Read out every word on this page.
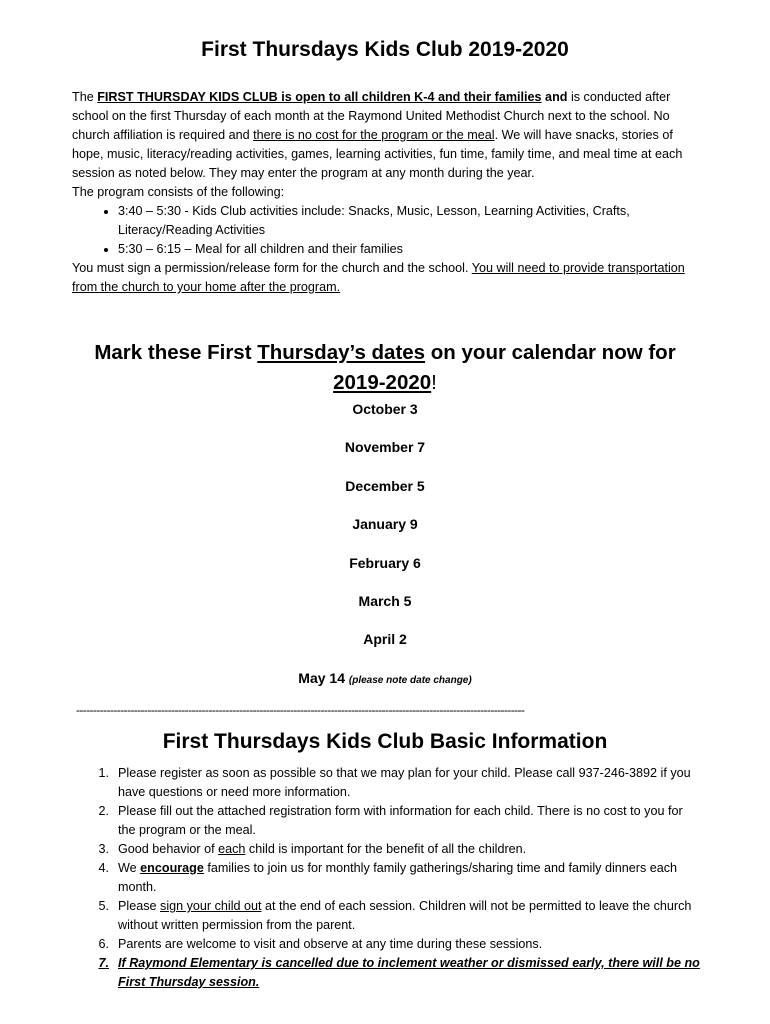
First Thursdays Kids Club 2019-2020

The FIRST THURSDAY KIDS CLUB is open to all children K-4 and their families and is conducted after school on the first Thursday of each month at the Raymond United Methodist Church next to the school. No church affiliation is required and there is no cost for the program or the meal. We will have snacks, stories of hope, music, literacy/reading activities, games, learning activities, fun time, family time, and meal time at each session as noted below. They may enter the program at any month during the year.

The program consists of the following:

• 3:40 – 5:30 - Kids Club activities include: Snacks, Music, Lesson, Learning Activities, Crafts, Literacy/Reading Activities
• 5:30 – 6:15 – Meal for all children and their families

You must sign a permission/release form for the church and the school. You will need to provide transportation from the church to your home after the program.

Mark these First Thursday’s dates on your calendar now for
2019-2020!
October 3
November 7
December 5
January 9
February 6
March 5
April 2
May 14 (please note date change)
------------------------------------------------------------------------------------------------------------------------------------
First Thursdays Kids Club Basic Information
1. Please register as soon as possible so that we may plan for your child. Please call 937-246-3892 if you have questions or need more information.
2. Please fill out the attached registration form with information for each child. There is no cost to you for the program or the meal.
3. Good behavior of each child is important for the benefit of all the children.
4. We encourage families to join us for monthly family gatherings/sharing time and family dinners each month.
5. Please sign your child out at the end of each session. Children will not be permitted to leave the church without written permission from the parent.
6. Parents are welcome to visit and observe at any time during these sessions.
7. If Raymond Elementary is cancelled due to inclement weather or dismissed early, there will be no First Thursday session.
